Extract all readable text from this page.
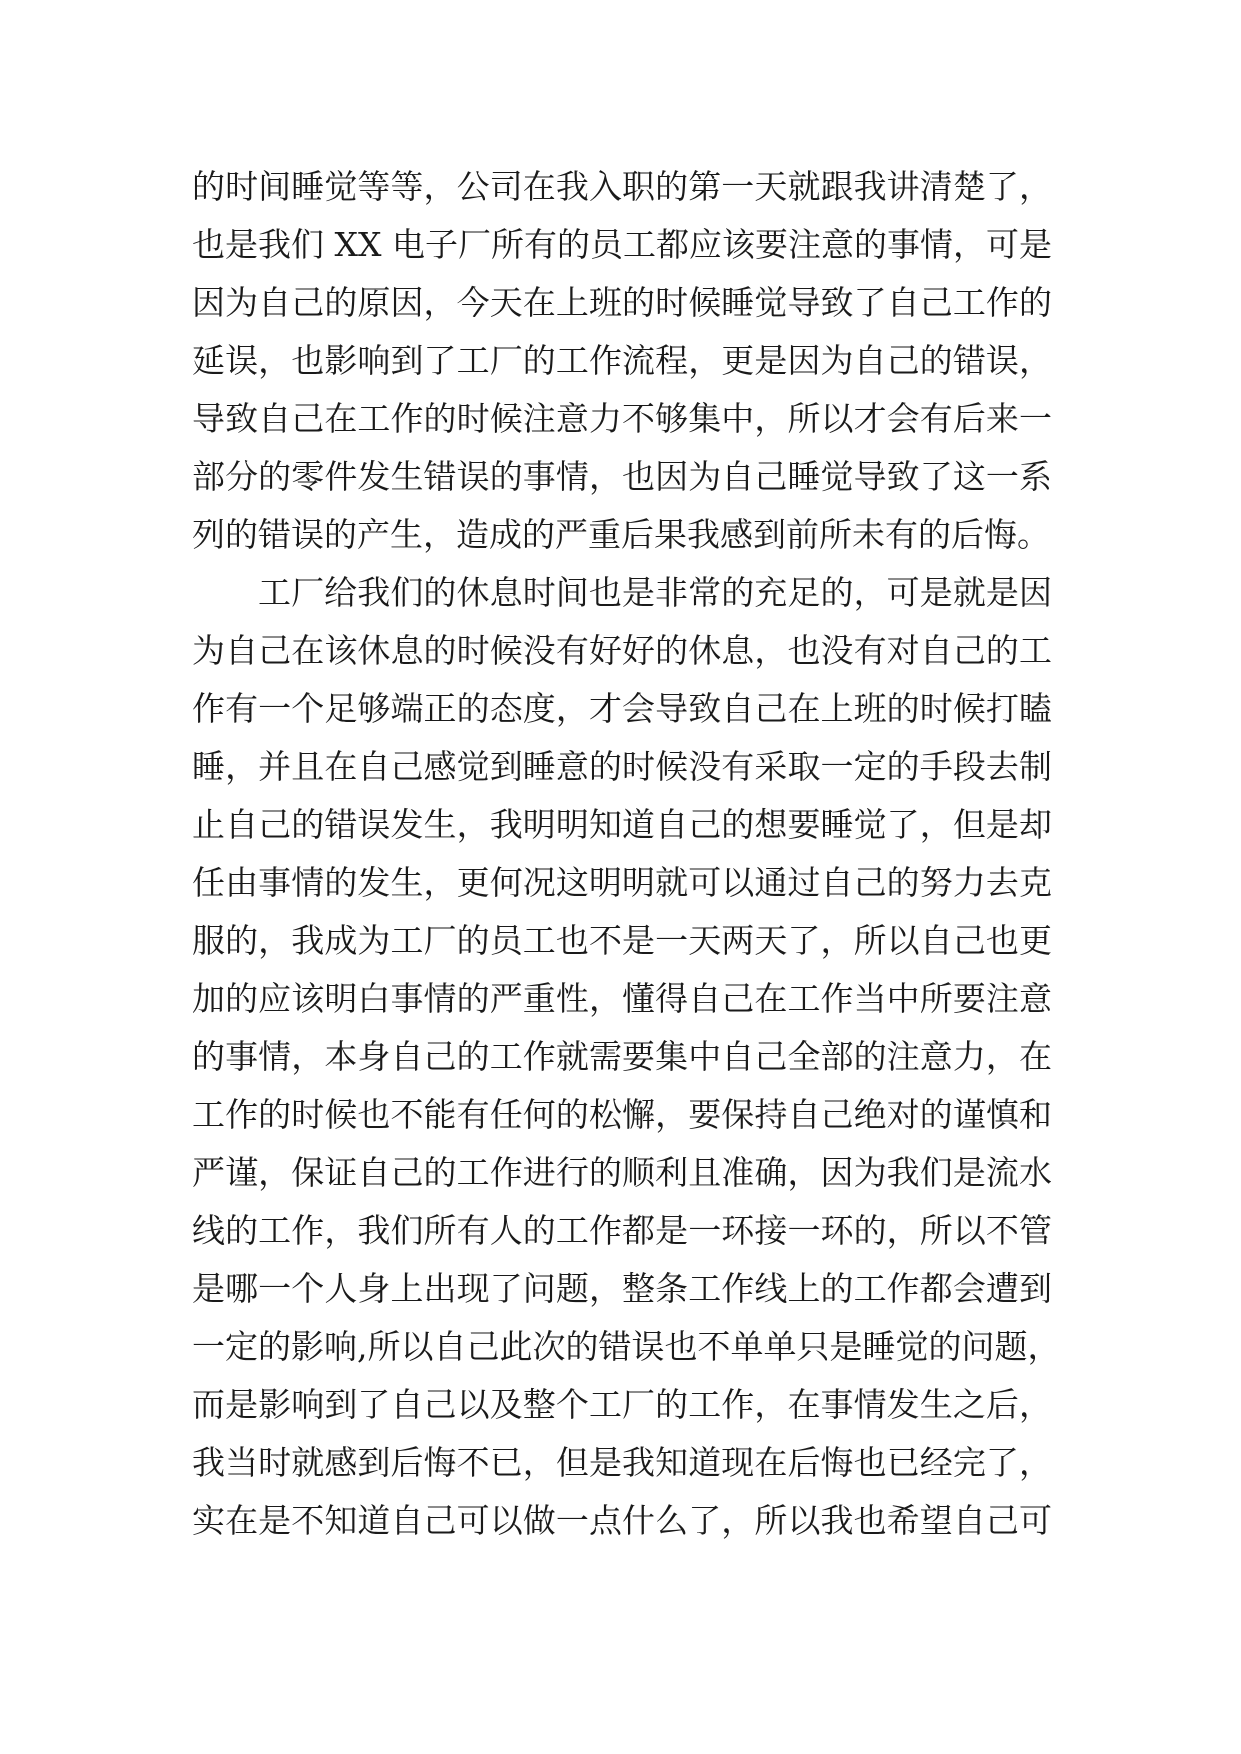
的时间睡觉等等，公司在我入职的第一天就跟我讲清楚了，
也是我们 XX 电子厂所有的员工都应该要注意的事情，可是
因为自己的原因，今天在上班的时候睡觉导致了自己工作的
延误，也影响到了工厂的工作流程，更是因为自己的错误，
导致自己在工作的时候注意力不够集中，所以才会有后来一
部分的零件发生错误的事情，也因为自己睡觉导致了这一系
列的错误的产生，造成的严重后果我感到前所未有的后悔。
工厂给我们的休息时间也是非常的充足的，可是就是因
为自己在该休息的时候没有好好的休息，也没有对自己的工
作有一个足够端正的态度，才会导致自己在上班的时候打瞌
睡，并且在自己感觉到睡意的时候没有采取一定的手段去制
止自己的错误发生，我明明知道自己的想要睡觉了，但是却
任由事情的发生，更何况这明明就可以通过自己的努力去克
服的，我成为工厂的员工也不是一天两天了，所以自己也更
加的应该明白事情的严重性，懂得自己在工作当中所要注意
的事情，本身自己的工作就需要集中自己全部的注意力，在
工作的时候也不能有任何的松懈，要保持自己绝对的谨慎和
严谨，保证自己的工作进行的顺利且准确，因为我们是流水
线的工作，我们所有人的工作都是一环接一环的，所以不管
是哪一个人身上出现了问题，整条工作线上的工作都会遭到
一定的影响,所以自己此次的错误也不单单只是睡觉的问题，
而是影响到了自己以及整个工厂的工作，在事情发生之后，
我当时就感到后悔不已，但是我知道现在后悔也已经完了，
实在是不知道自己可以做一点什么了，所以我也希望自己可
